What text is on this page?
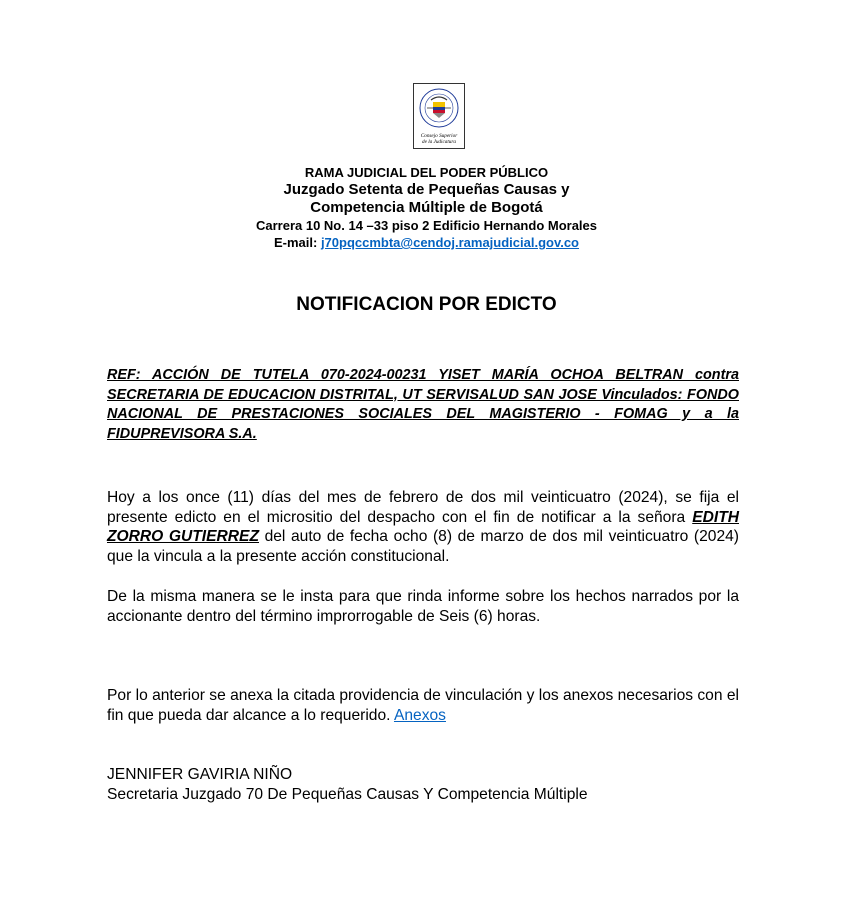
Consejo Superior
de la Judicatura
RAMA JUDICIAL DEL PODER PÚBLICO
Juzgado Setenta de Pequeñas Causas y
Competencia Múltiple de Bogotá
Carrera 10 No. 14 –33 piso 2 Edificio Hernando Morales
E-mail: j70pqccmbta@cendoj.ramajudicial.gov.co
NOTIFICACION POR EDICTO
REF: ACCIÓN DE TUTELA 070-2024-00231 YISET MARÍA OCHOA BELTRAN contra SECRETARIA DE EDUCACION DISTRITAL, UT SERVISALUD SAN JOSE Vinculados: FONDO NACIONAL DE PRESTACIONES SOCIALES DEL MAGISTERIO - FOMAG y a la FIDUPREVISORA S.A.
Hoy a los once (11) días del mes de febrero de dos mil veinticuatro (2024), se fija el presente edicto en el micrositio del despacho con el fin de notificar a la señora EDITH ZORRO GUTIERREZ del auto de fecha ocho (8) de marzo de dos mil veinticuatro (2024) que la vincula a la presente acción constitucional.
De la misma manera se le insta para que rinda informe sobre los hechos narrados por la accionante dentro del término improrrogable de Seis (6) horas.
Por lo anterior se anexa la citada providencia de vinculación y los anexos necesarios con el fin que pueda dar alcance a lo requerido. Anexos
JENNIFER GAVIRIA NIÑO
Secretaria Juzgado 70 De Pequeñas Causas Y Competencia Múltiple
